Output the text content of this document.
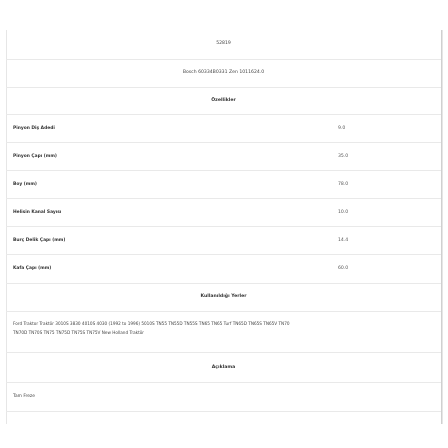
52819
Bosch 60334B0331 Zen 1011624.0
Özellikler
Pinyon Diş Adedi	9.0
Pinyon Çapı (mm)	35.0
Boy (mm)	78.0
Helisin Kanal Sayısı	10.0
Burç Delik Çapı (mm)	14.4
Kafa Çapı (mm)	60.0
Kullanıldığı Yerler
Ford Traktor Traktör 3010S 3830 4010S 4030 (1992 to 1996) 5010S TN55 TN55D TN55S TN65 TN65 Turf TN65D TN65S TN65V TN70
TN70D TN70S TN75 TN75D TN75S TN75V New Holland Traktör
Açıklama
Tam Freze
